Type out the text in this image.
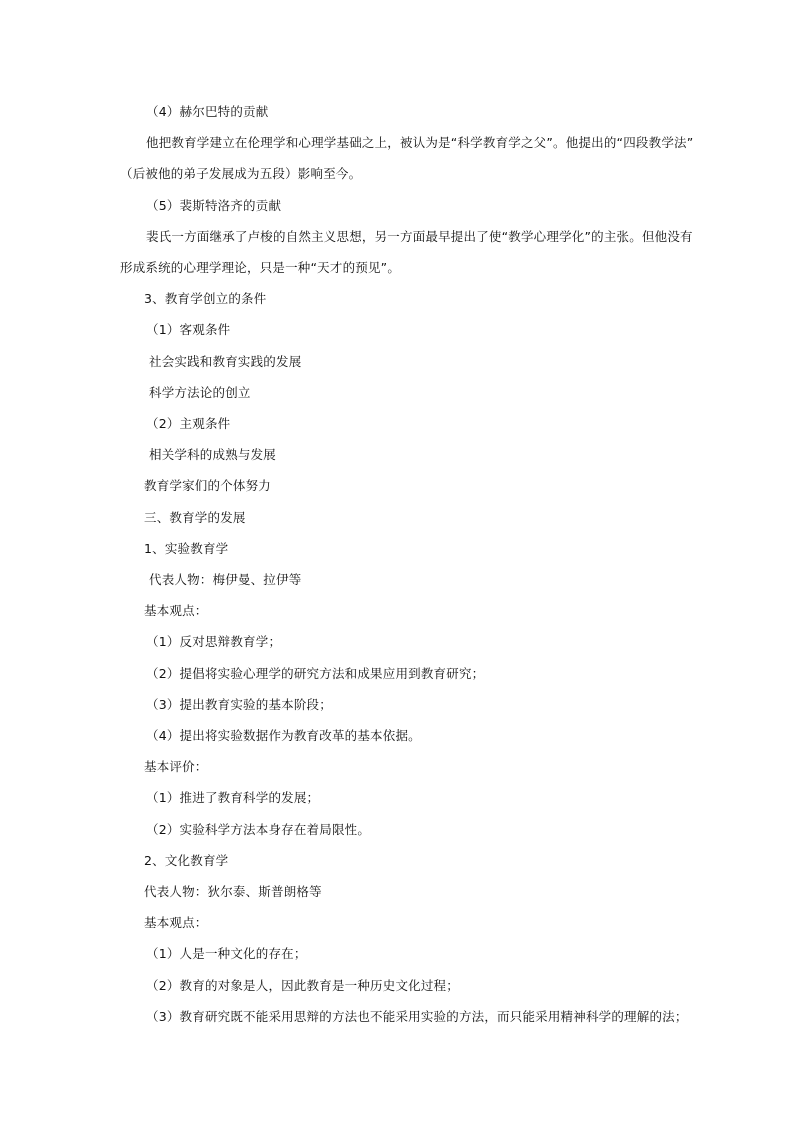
（4）赫尔巴特的贡献
他把教育学建立在伦理学和心理学基础之上，被认为是“科学教育学之父”。他提出的“四段教学法”
（后被他的弟子发展成为五段）影响至今。
（5）裴斯特洛齐的贡献
裴氏一方面继承了卢梭的自然主义思想，另一方面最早提出了使“教学心理学化”的主张。但他没有
形成系统的心理学理论，只是一种“天才的预见”。
3、教育学创立的条件
（1）客观条件
社会实践和教育实践的发展
科学方法论的创立
（2）主观条件
相关学科的成熟与发展
教育学家们的个体努力
三、教育学的发展
1、实验教育学
代表人物：梅伊曼、拉伊等
基本观点：
（1）反对思辩教育学；
（2）提倡将实验心理学的研究方法和成果应用到教育研究；
（3）提出教育实验的基本阶段；
（4）提出将实验数据作为教育改革的基本依据。
基本评价：
（1）推进了教育科学的发展；
（2）实验科学方法本身存在着局限性。
2、文化教育学
代表人物：狄尔泰、斯普朗格等
基本观点：
（1）人是一种文化的存在；
（2）教育的对象是人，因此教育是一种历史文化过程；
（3）教育研究既不能采用思辩的方法也不能采用实验的方法，而只能采用精神科学的理解的法；
